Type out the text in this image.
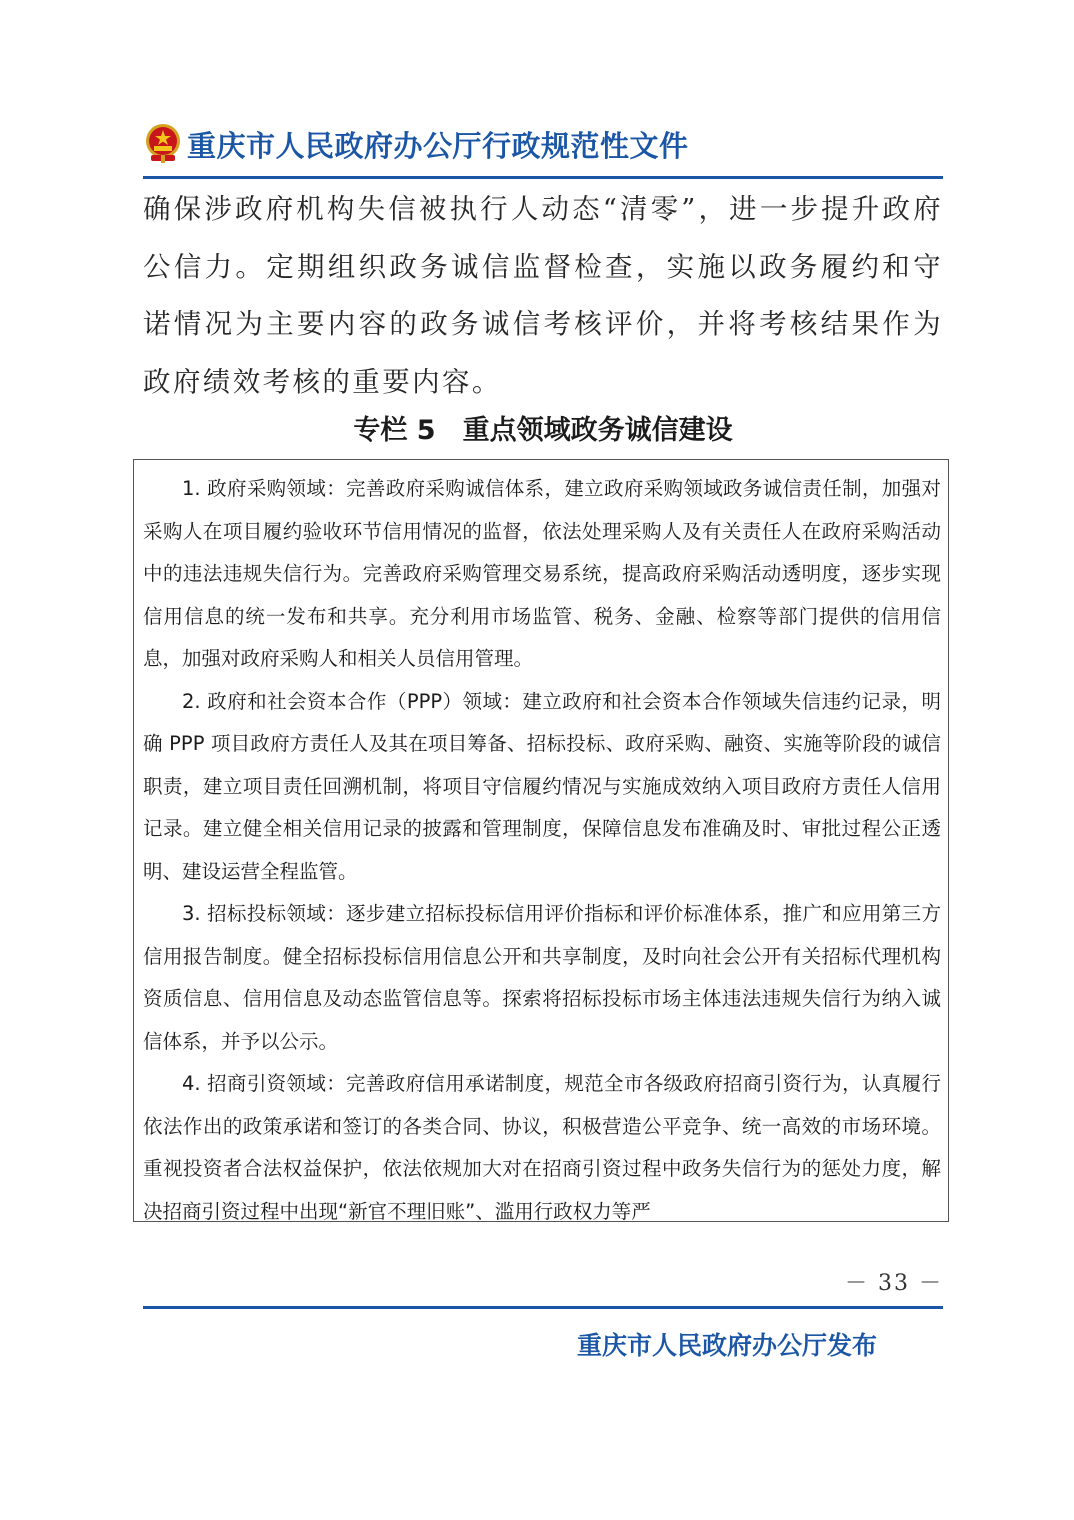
重庆市人民政府办公厅行政规范性文件
确保涉政府机构失信被执行人动态“清零”，进一步提升政府公信力。定期组织政务诚信监督检查，实施以政务履约和守诺情况为主要内容的政务诚信考核评价，并将考核结果作为政府绩效考核的重要内容。
专栏 5　重点领域政务诚信建设

1. 政府采购领域：完善政府采购诚信体系，建立政府采购领域政务诚信责任制，加强对采购人在项目履约验收环节信用情况的监督，依法处理采购人及有关责任人在政府采购活动中的违法违规失信行为。完善政府采购管理交易系统，提高政府采购活动透明度，逐步实现信用信息的统一发布和共享。充分利用市场监管、税务、金融、检察等部门提供的信用信息，加强对政府采购人和相关人员信用管理。

2. 政府和社会资本合作（PPP）领域：建立政府和社会资本合作领域失信违约记录，明确 PPP 项目政府方责任人及其在项目筹备、招标投标、政府采购、融资、实施等阶段的诚信职责，建立项目责任回溯机制，将项目守信履约情况与实施成效纳入项目政府方责任人信用记录。建立健全相关信用记录的披露和管理制度，保障信息发布准确及时、审批过程公正透明、建设运营全程监管。

3. 招标投标领域：逐步建立招标投标信用评价指标和评价标准体系，推广和应用第三方信用报告制度。健全招标投标信用信息公开和共享制度，及时向社会公开有关招标代理机构资质信息、信用信息及动态监管信息等。探索将招标投标市场主体违法违规失信行为纳入诚信体系，并予以公示。

4. 招商引资领域：完善政府信用承诺制度，规范全市各级政府招商引资行为，认真履行依法作出的政策承诺和签订的各类合同、协议，积极营造公平竞争、统一高效的市场环境。重视投资者合法权益保护，依法依规加大对在招商引资过程中政务失信行为的惩处力度，解决招商引资过程中出现“新官不理旧账”、滥用行政权力等严

－ 33 －
重庆市人民政府办公厅发布
